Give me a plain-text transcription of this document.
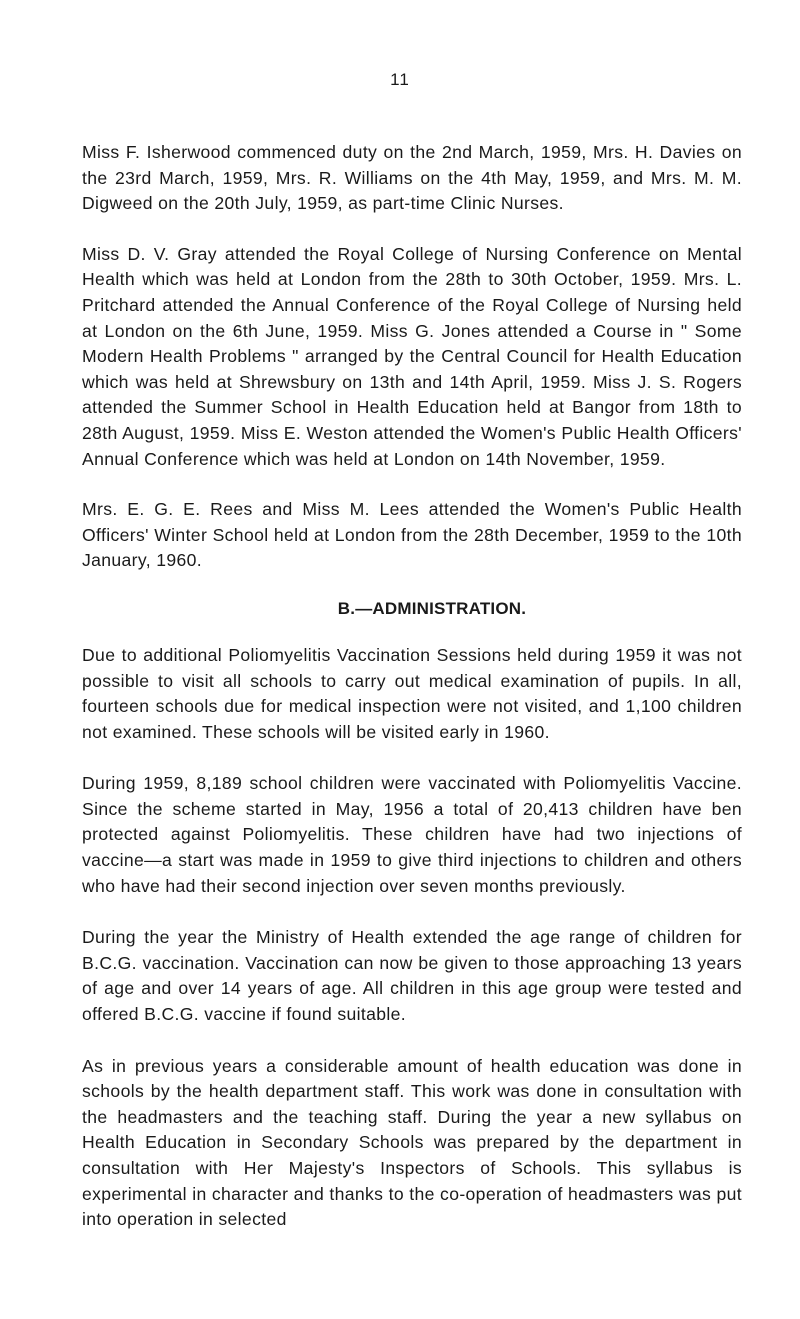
11

Miss F. Isherwood commenced duty on the 2nd March, 1959, Mrs. H. Davies on the 23rd March, 1959, Mrs. R. Williams on the 4th May, 1959, and Mrs. M. M. Digweed on the 20th July, 1959, as part-time Clinic Nurses.

Miss D. V. Gray attended the Royal College of Nursing Conference on Mental Health which was held at London from the 28th to 30th October, 1959. Mrs. L. Pritchard attended the Annual Conference of the Royal College of Nursing held at London on the 6th June, 1959. Miss G. Jones attended a Course in " Some Modern Health Problems " arranged by the Central Council for Health Education which was held at Shrewsbury on 13th and 14th April, 1959. Miss J. S. Rogers attended the Summer School in Health Education held at Bangor from 18th to 28th August, 1959. Miss E. Weston attended the Women's Public Health Officers' Annual Conference which was held at London on 14th November, 1959.

Mrs. E. G. E. Rees and Miss M. Lees attended the Women's Public Health Officers' Winter School held at London from the 28th December, 1959 to the 10th January, 1960.

B.—ADMINISTRATION.

Due to additional Poliomyelitis Vaccination Sessions held during 1959 it was not possible to visit all schools to carry out medical examination of pupils. In all, fourteen schools due for medical inspection were not visited, and 1,100 children not examined. These schools will be visited early in 1960.

During 1959, 8,189 school children were vaccinated with Poliomyelitis Vaccine. Since the scheme started in May, 1956 a total of 20,413 children have ben protected against Poliomyelitis. These children have had two injections of vaccine—a start was made in 1959 to give third injections to children and others who have had their second injection over seven months previously.

During the year the Ministry of Health extended the age range of children for B.C.G. vaccination. Vaccination can now be given to those approaching 13 years of age and over 14 years of age. All children in this age group were tested and offered B.C.G. vaccine if found suitable.

As in previous years a considerable amount of health education was done in schools by the health department staff. This work was done in consultation with the headmasters and the teaching staff. During the year a new syllabus on Health Education in Secondary Schools was prepared by the department in consultation with Her Majesty's Inspectors of Schools. This syllabus is experimental in character and thanks to the co-operation of headmasters was put into operation in selected
